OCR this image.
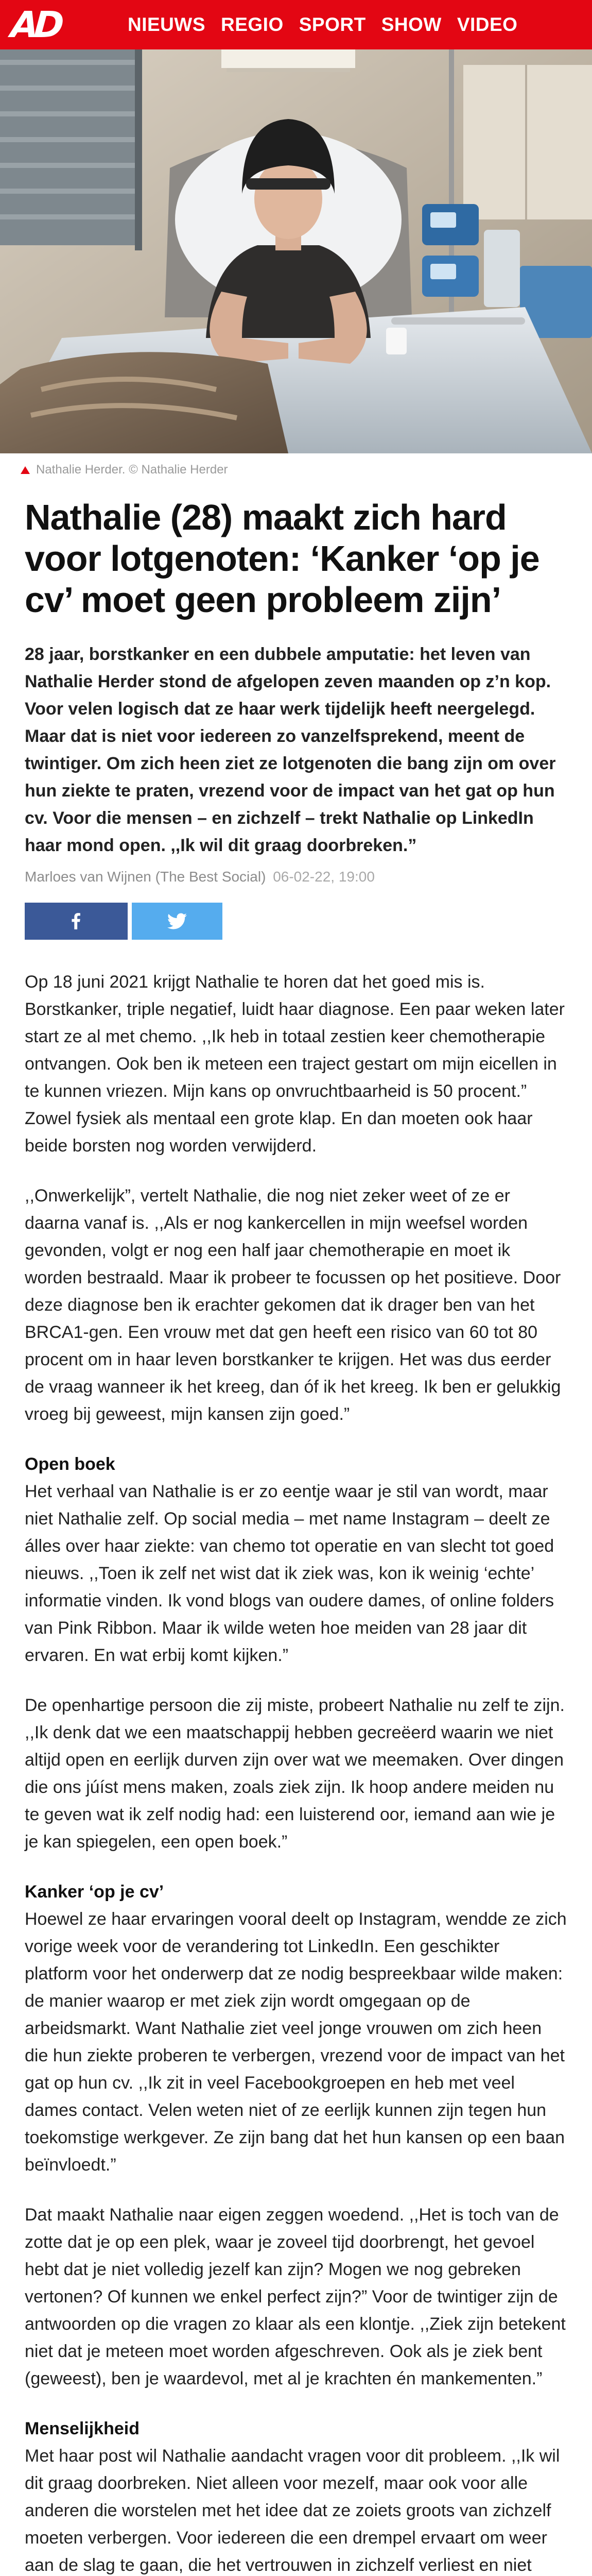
AD	NIEUWS REGIO SPORT SHOW VIDEO
Nathalie Herder. © Nathalie Herder
Nathalie (28) maakt zich hard voor lotgenoten: ‘Kanker ‘op je cv’ moet geen probleem zijn’

28 jaar, borstkanker en een dubbele amputatie: het leven van Nathalie Herder stond de afgelopen zeven maanden op z’n kop. Voor velen logisch dat ze haar werk tijdelijk heeft neergelegd. Maar dat is niet voor iedereen zo vanzelfsprekend, meent de twintiger. Om zich heen ziet ze lotgenoten die bang zijn om over hun ziekte te praten, vrezend voor de impact van het gat op hun cv. Voor die mensen – en zichzelf – trekt Nathalie op LinkedIn haar mond open. ,,Ik wil dit graag doorbreken.”

Marloes van Wijnen (The Best Social) 06-02-22, 19:00

Op 18 juni 2021 krijgt Nathalie te horen dat het goed mis is. Borstkanker, triple negatief, luidt haar diagnose. Een paar weken later start ze al met chemo. ,,Ik heb in totaal zestien keer chemotherapie ontvangen. Ook ben ik meteen een traject gestart om mijn eicellen in te kunnen vriezen. Mijn kans op onvruchtbaarheid is 50 procent.” Zowel fysiek als mentaal een grote klap. En dan moeten ook haar beide borsten nog worden verwijderd.

,,Onwerkelijk”, vertelt Nathalie, die nog niet zeker weet of ze er daarna vanaf is. ,,Als er nog kankercellen in mijn weefsel worden gevonden, volgt er nog een half jaar chemotherapie en moet ik worden bestraald. Maar ik probeer te focussen op het positieve. Door deze diagnose ben ik erachter gekomen dat ik drager ben van het BRCA1-gen. Een vrouw met dat gen heeft een risico van 60 tot 80 procent om in haar leven borstkanker te krijgen. Het was dus eerder de vraag wanneer ik het kreeg, dan óf ik het kreeg. Ik ben er gelukkig vroeg bij geweest, mijn kansen zijn goed.”

Open boek

Het verhaal van Nathalie is er zo eentje waar je stil van wordt, maar niet Nathalie zelf. Op social media – met name Instagram – deelt ze álles over haar ziekte: van chemo tot operatie en van slecht tot goed nieuws. ,,Toen ik zelf net wist dat ik ziek was, kon ik weinig ‘echte’ informatie vinden. Ik vond blogs van oudere dames, of online folders van Pink Ribbon. Maar ik wilde weten hoe meiden van 28 jaar dit ervaren. En wat erbij komt kijken.”

De openhartige persoon die zij miste, probeert Nathalie nu zelf te zijn. ,,Ik denk dat we een maatschappij hebben gecreëerd waarin we niet altijd open en eerlijk durven zijn over wat we meemaken. Over dingen die ons júíst mens maken, zoals ziek zijn. Ik hoop andere meiden nu te geven wat ik zelf nodig had: een luisterend oor, iemand aan wie je je kan spiegelen, een open boek.”

Kanker ‘op je cv’

Hoewel ze haar ervaringen vooral deelt op Instagram, wendde ze zich vorige week voor de verandering tot LinkedIn. Een geschikter platform voor het onderwerp dat ze nodig bespreekbaar wilde maken: de manier waarop er met ziek zijn wordt omgegaan op de arbeidsmarkt. Want Nathalie ziet veel jonge vrouwen om zich heen die hun ziekte proberen te verbergen, vrezend voor de impact van het gat op hun cv. ,,Ik zit in veel Facebookgroepen en heb met veel dames contact. Velen weten niet of ze eerlijk kunnen zijn tegen hun toekomstige werkgever. Ze zijn bang dat het hun kansen op een baan beïnvloedt.”

Dat maakt Nathalie naar eigen zeggen woedend. ,,Het is toch van de zotte dat je op een plek, waar je zoveel tijd doorbrengt, het gevoel hebt dat je niet volledig jezelf kan zijn? Mogen we nog gebreken vertonen? Of kunnen we enkel perfect zijn?” Voor de twintiger zijn de antwoorden op die vragen zo klaar als een klontje. ,,Ziek zijn betekent niet dat je meteen moet worden afgeschreven. Ook als je ziek bent (geweest), ben je waardevol, met al je krachten én mankementen.”

Menselijkheid

Met haar post wil Nathalie aandacht vragen voor dit probleem. ,,Ik wil dit graag doorbreken. Niet alleen voor mezelf, maar ook voor alle anderen die worstelen met het idee dat ze zoiets groots van zichzelf moeten verbergen. Voor iedereen die een drempel ervaart om weer aan de slag te gaan, die het vertrouwen in zichzelf verliest en niet
